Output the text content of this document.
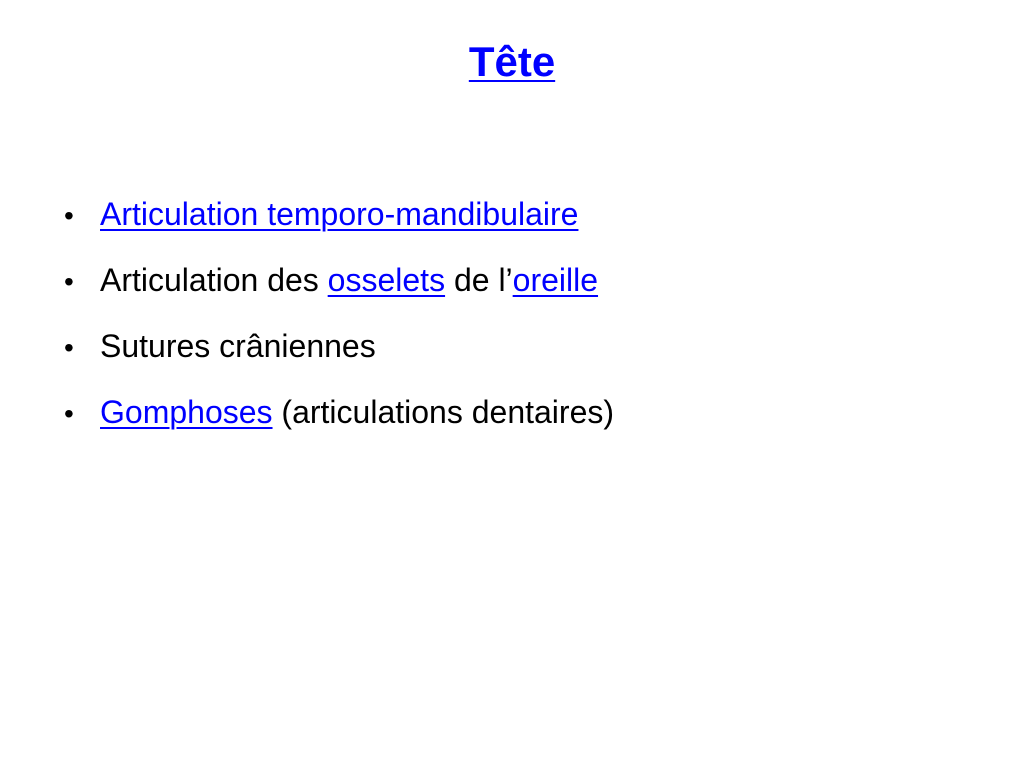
Tête
• Articulation temporo-mandibulaire
• Articulation des osselets de l’ oreille
• Sutures crâniennes
• Gomphoses (articulations dentaires)
